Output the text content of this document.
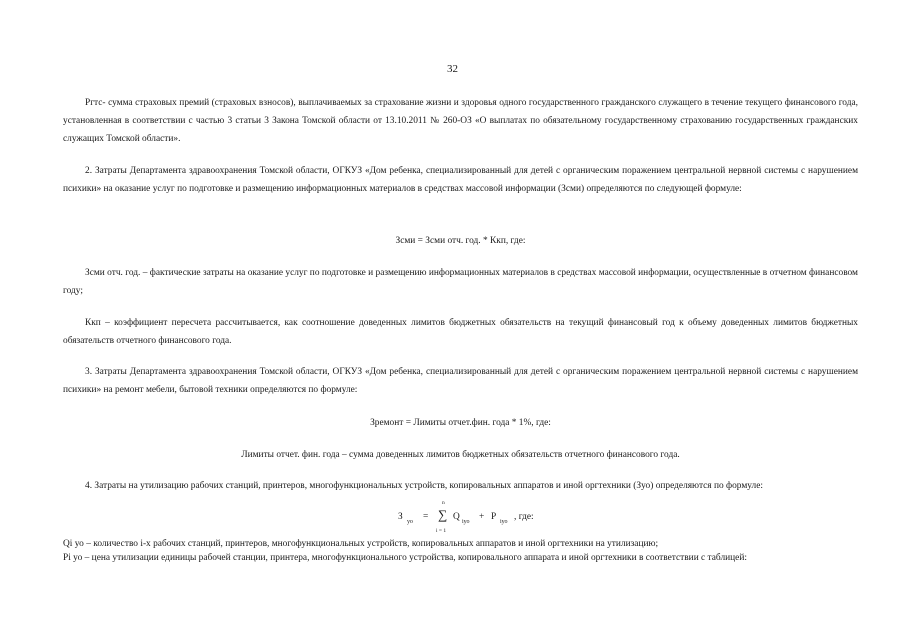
32

Ргтс- сумма страховых премий (страховых взносов), выплачиваемых за страхование жизни и здоровья одного государственного гражданского служащего в течение текущего финансового года, установленная в соответствии с частью 3 статьи 3 Закона Томской области от 13.10.2011 № 260-ОЗ «О выплатах по обязательному государственному страхованию государственных гражданских служащих Томской области».

2. Затраты Департамента здравоохранения Томской области, ОГКУЗ «Дом ребенка, специализированный для детей с органическим поражением центральной нервной системы с нарушением психики» на оказание услуг по подготовке и размещению информационных материалов в средствах массовой информации (Зсми) определяются по следующей формуле:

Зсми = Зсми отч. год. * Ккп, где:

Зсми отч. год. – фактические затраты на оказание услуг по подготовке и размещению информационных материалов в средствах массовой информации, осуществленные в отчетном финансовом году;

Ккп – коэффициент пересчета рассчитывается, как соотношение доведенных лимитов бюджетных обязательств на текущий финансовый год к объему доведенных лимитов бюджетных обязательств отчетного финансового года.

3. Затраты Департамента здравоохранения Томской области, ОГКУЗ «Дом ребенка, специализированный для детей с органическим поражением центральной нервной системы с нарушением психики» на ремонт мебели, бытовой техники определяются по формуле:

Зремонт = Лимиты отчет.фин. года * 1%, где:

Лимиты отчет. фин. года – сумма доведенных лимитов бюджетных обязательств отчетного финансового года.

4. Затраты на утилизацию рабочих станций, принтеров, многофункциональных устройств, копировальных аппаратов и иной оргтехники (Зуо) определяются по формуле:

З уо =
n
∑
i = 1
Q iуо + P iуо , где:

Qi уо – количество i-х рабочих станций, принтеров, многофункциональных устройств, копировальных аппаратов и иной оргтехники на утилизацию;

Pi уо – цена утилизации единицы рабочей станции, принтера, многофункционального устройства, копировального аппарата и иной оргтехники в соответствии с таблицей:
